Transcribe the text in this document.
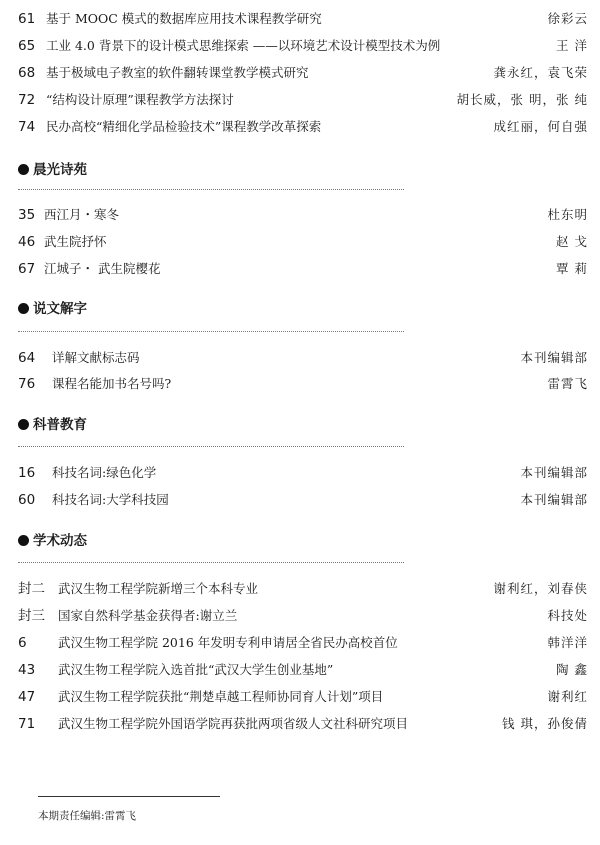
61 基于 MOOC 模式的数据库应用技术课程教学研究	徐彩云
65 工业 4.0 背景下的设计模式思维探索 ——以环境艺术设计模型技术为例	王 洋
68 基于极域电子教室的软件翻转课堂教学模式研究	龚永红，袁飞荣
72 “结构设计原理”课程教学方法探讨	胡长威，张 明，张 纯
74 民办高校“精细化学品检验技术”课程教学改革探索	成红丽，何自强
晨光诗苑
35 西江月・寒冬	杜东明
46 武生院抒怀	赵 戈
67 江城子・ 武生院樱花	覃 莉
说文解字
64 详解文献标志码	本刊编辑部
76 课程名能加书名号吗?	雷霄飞
科普教育
16 科技名词:绿色化学	本刊编辑部
60 科技名词:大学科技园	本刊编辑部
学术动态
封二 武汉生物工程学院新增三个本科专业	谢利红，刘春侠
封三 国家自然科学基金获得者:谢立兰	科技处
6	武汉生物工程学院 2016 年发明专利申请居全省民办高校首位	韩洋洋
43 武汉生物工程学院入选首批“武汉大学生创业基地”	陶 鑫
47 武汉生物工程学院获批“荆楚卓越工程师协同育人计划”项目	谢利红
71 武汉生物工程学院外国语学院再获批两项省级人文社科研究项目	钱 琪，孙俊倩
本期责任编辑:雷霄飞
